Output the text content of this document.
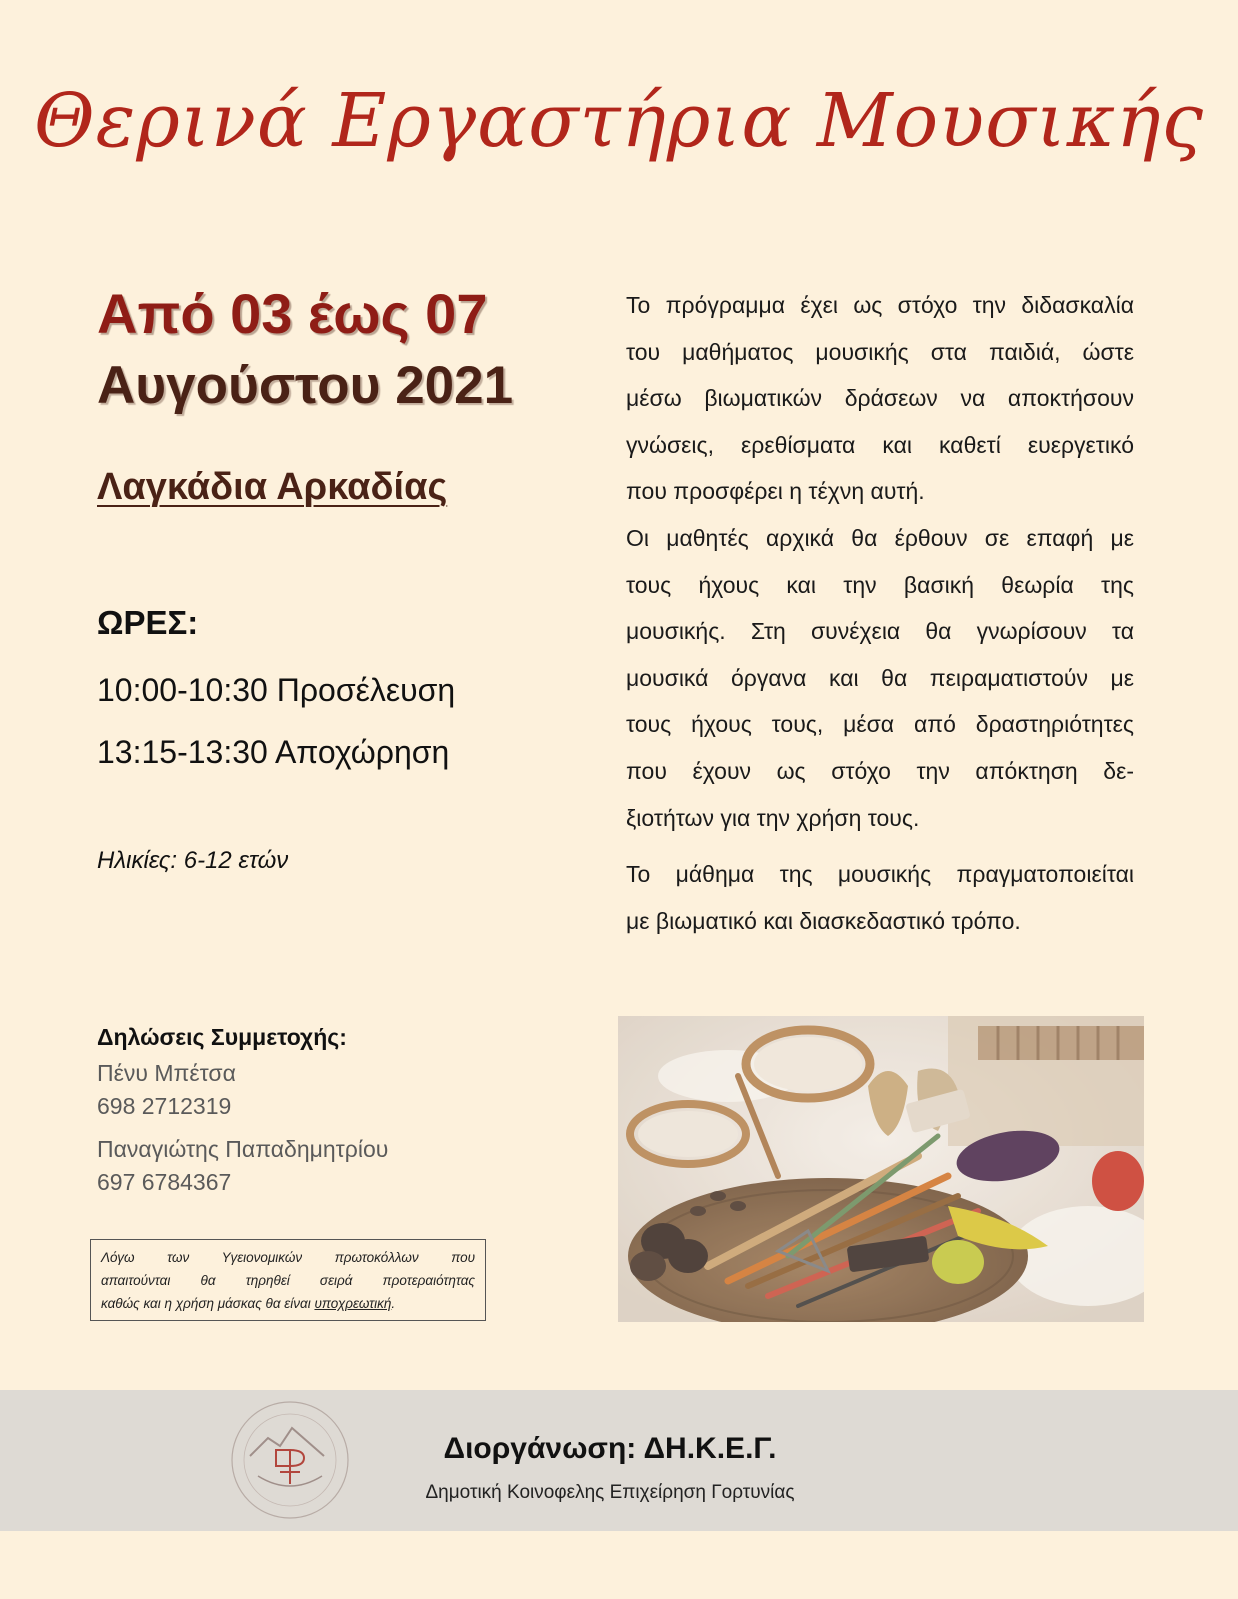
Θερινά Εργαστήρια Μουσικής
Από 03 έως 07
Αυγούστου 2021
Λαγκάδια Αρκαδίας
ΩΡΕΣ:
10:00-10:30 Προσέλευση
13:15-13:30 Αποχώρηση
Ηλικίες: 6-12 ετών
Το πρόγραμμα έχει ως στόχο την διδασκαλία
του μαθήματος μουσικής στα παιδιά, ώστε
μέσω βιωματικών δράσεων να αποκτήσουν
γνώσεις, ερεθίσματα και καθετί ευεργετικό
που προσφέρει η τέχνη αυτή.
Οι μαθητές αρχικά θα έρθουν σε επαφή με
τους ήχους και την βασική θεωρία της
μουσικής. Στη συνέχεια θα γνωρίσουν τα
μουσικά όργανα και θα πειραματιστούν με
τους ήχους τους, μέσα από δραστηριότητες
που έχουν ως στόχο την απόκτηση δε-
ξιοτήτων για την χρήση τους.
Το μάθημα της μουσικής πραγματοποιείται
με βιωματικό και διασκεδαστικό τρόπο.
Δηλώσεις Συμμετοχής:
Πένυ Μπέτσα
698 2712319
Παναγιώτης Παπαδημητρίου
697 6784367
Λόγω των Υγειονομικών πρωτοκόλλων που
απαιτούνται θα τηρηθεί σειρά προτεραιότητας
καθώς και η χρήση μάσκας θα είναι υποχρεωτική.
Διοργάνωση: ΔΗ.Κ.Ε.Γ.
Δημοτική Κοινοφελης Επιχείρηση Γορτυνίας
